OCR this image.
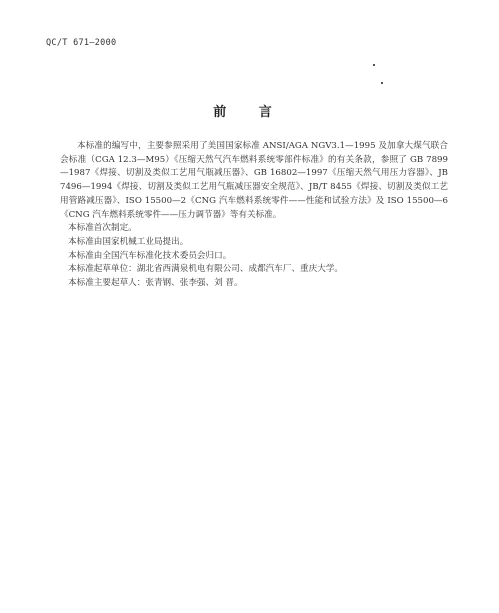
QC/T 671—2000
前 言

本标准的编写中，主要参照采用了美国国家标准 ANSI/AGA NGV3.1—1995 及加拿大煤气联合会标准（CGA 12.3—M95）《压缩天然气汽车燃料系统零部件标准》的有关条款，参照了 GB 7899—1987《焊接、切割及类似工艺用气瓶减压器》、GB 16802—1997《压缩天然气用压力容器》、JB 7496—1994《焊接、切割及类似工艺用气瓶减压器安全规范》、JB/T 8455《焊接、切割及类似工艺用管路减压器》、ISO 15500—2《CNG 汽车燃料系统零件——性能和试验方法》及 ISO 15500—6《CNG 汽车燃料系统零件——压力调节器》等有关标准。

本标准首次制定。

本标准由国家机械工业局提出。

本标准由全国汽车标准化技术委员会归口。

本标准起草单位：湖北省西满泉机电有限公司、成都汽车厂、重庆大学。

本标准主要起草人：张青钢、张李强、刘 晋。
